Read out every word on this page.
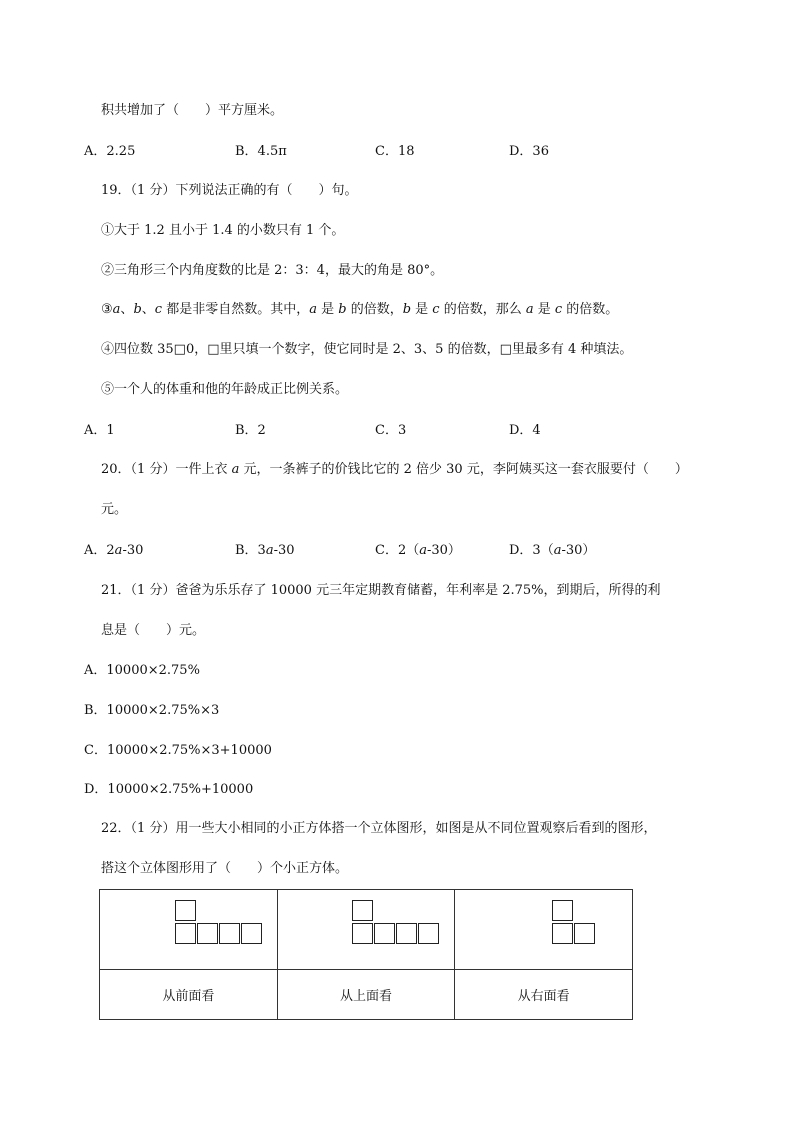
积共增加了（　　）平方厘米。
A．2.25	B．4.5π	C．18	D．36
19．（1 分）下列说法正确的有（　　）句。
①大于 1.2 且小于 1.4 的小数只有 1 个。
②三角形三个内角度数的比是 2：3：4，最大的角是 80°。
③a、b、c 都是非零自然数。其中，a 是 b 的倍数，b 是 c 的倍数，那么 a 是 c 的倍数。
④四位数 35□0，□里只填一个数字，使它同时是 2、3、5 的倍数，□里最多有 4 种填法。
⑤一个人的体重和他的年龄成正比例关系。
A．1	B．2	C．3	D．4
20．（1 分）一件上衣 a 元，一条裤子的价钱比它的 2 倍少 30 元，李阿姨买这一套衣服要付（　　）
元。
A．2a-30	B．3a-30	C．2（a-30）	D．3（a-30）
21．（1 分）爸爸为乐乐存了 10000 元三年定期教育储蓄，年利率是 2.75%，到期后，所得的利
息是（　　）元。
A．10000×2.75%
B．10000×2.75%×3
C．10000×2.75%×3+10000
D．10000×2.75%+10000
22．（1 分）用一些大小相同的小正方体搭一个立体图形，如图是从不同位置观察后看到的图形，
搭这个立体图形用了（　　）个小正方体。

从前面看	从上面看	从右面看
